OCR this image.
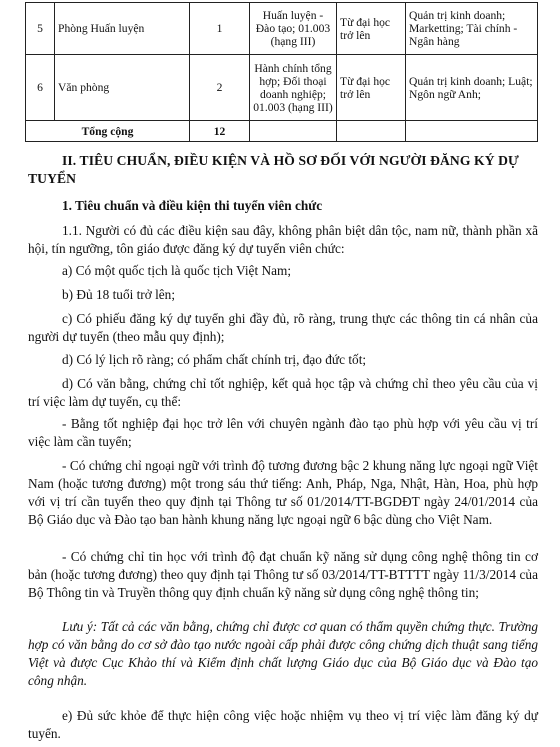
5	Phòng Huấn luyện	1	Huấn luyện - Đào tạo; 01.003 (hạng III)	Từ đại học trở lên	Quản trị kinh doanh; Marketting; Tài chính - Ngân hàng
6	Văn phòng	2	Hành chính tổng hợp; Đối thoại doanh nghiệp; 01.003 (hạng III)	Từ đại học trở lên	Quản trị kinh doanh; Luật; Ngôn ngữ Anh;
Tổng cộng		12			
II. TIÊU CHUẨN, ĐIỀU KIỆN VÀ HỒ SƠ ĐỐI VỚI NGƯỜI ĐĂNG KÝ DỰ TUYỂN
1. Tiêu chuẩn và điều kiện thi tuyển viên chức
1.1. Người có đủ các điều kiện sau đây, không phân biệt dân tộc, nam nữ, thành phần xã hội, tín ngưỡng, tôn giáo được đăng ký dự tuyển viên chức:
a) Có một quốc tịch là quốc tịch Việt Nam;
b) Đủ 18 tuổi trở lên;
c) Có phiếu đăng ký dự tuyển ghi đầy đủ, rõ ràng, trung thực các thông tin cá nhân của người dự tuyển (theo mẫu quy định);
d) Có lý lịch rõ ràng; có phẩm chất chính trị, đạo đức tốt;
d) Có văn bằng, chứng chỉ tốt nghiệp, kết quả học tập và chứng chỉ theo yêu cầu của vị trí việc làm dự tuyển, cụ thể:
- Bằng tốt nghiệp đại học trở lên với chuyên ngành đào tạo phù hợp với yêu cầu vị trí việc làm cần tuyển;
- Có chứng chỉ ngoại ngữ với trình độ tương đương bậc 2 khung năng lực ngoại ngữ Việt Nam (hoặc tương đương) một trong sáu thứ tiếng: Anh, Pháp, Nga, Nhật, Hàn, Hoa, phù hợp với vị trí cần tuyển theo quy định tại Thông tư số 01/2014/TT-BGDĐT ngày 24/01/2014 của Bộ Giáo dục và Đào tạo ban hành khung năng lực ngoại ngữ 6 bậc dùng cho Việt Nam.
- Có chứng chỉ tin học với trình độ đạt chuẩn kỹ năng sử dụng công nghệ thông tin cơ bản (hoặc tương đương) theo quy định tại Thông tư số 03/2014/TT-BTTTT ngày 11/3/2014 của Bộ Thông tin và Truyền thông quy định chuẩn kỹ năng sử dụng công nghệ thông tin;
Lưu ý: Tất cả các văn bằng, chứng chỉ được cơ quan có thẩm quyền chứng thực. Trường hợp có văn bằng do cơ sở đào tạo nước ngoài cấp phải được công chứng dịch thuật sang tiếng Việt và được Cục Khảo thí và Kiểm định chất lượng Giáo dục của Bộ Giáo dục và Đào tạo công nhận.
e) Đủ sức khỏe để thực hiện công việc hoặc nhiệm vụ theo vị trí việc làm đăng ký dự tuyển.
